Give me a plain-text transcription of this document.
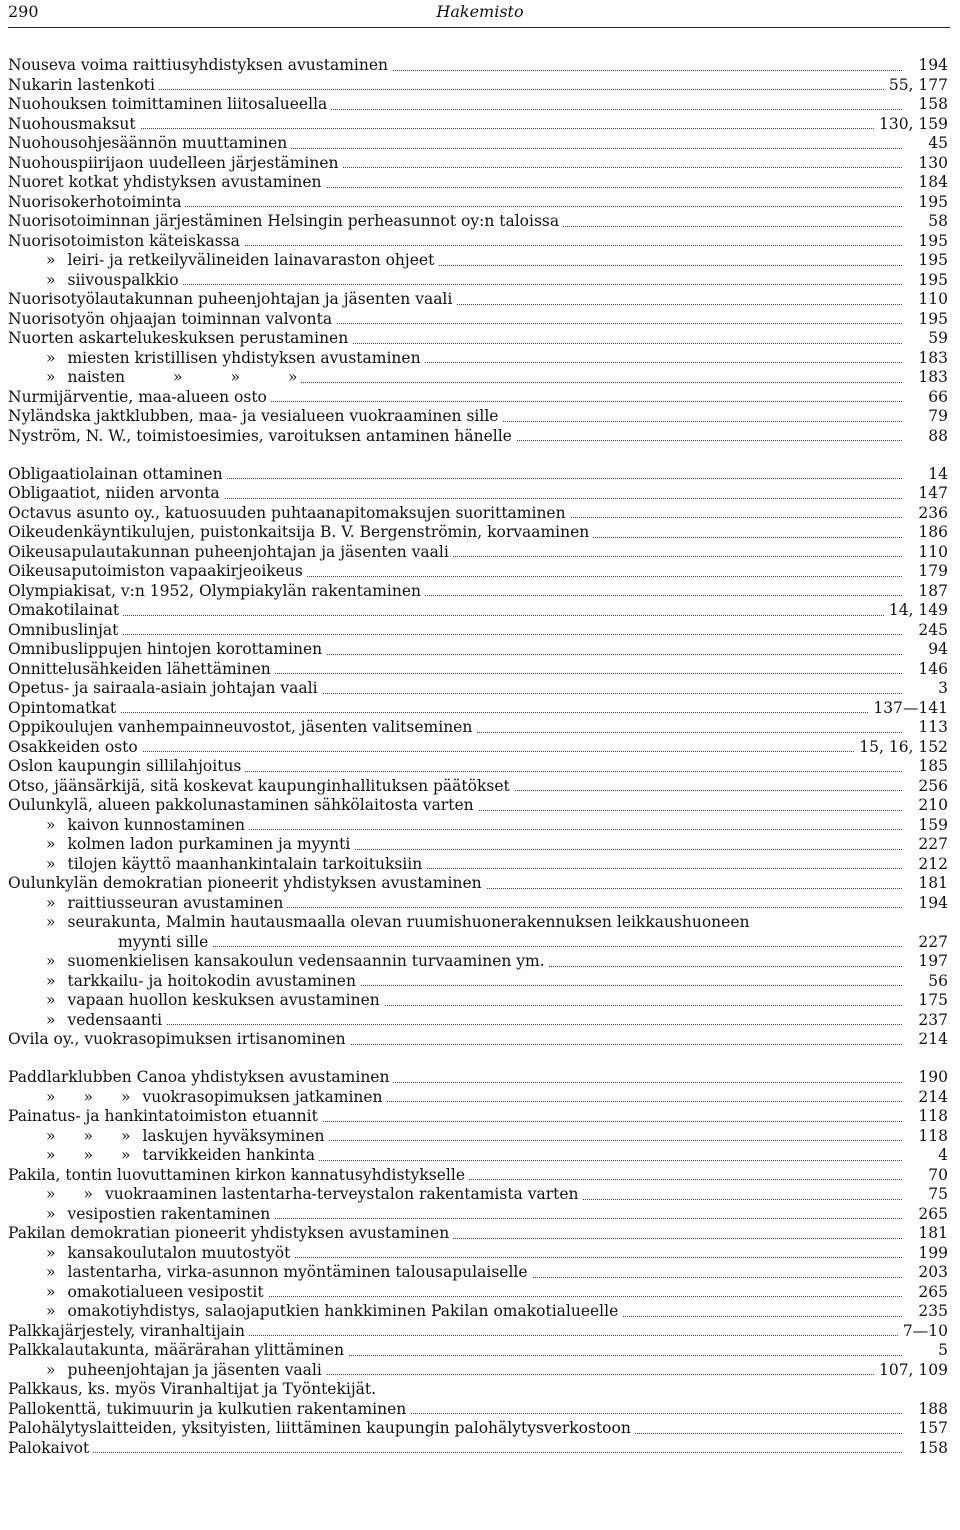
290	Hakemisto
Nouseva voima raittiusyhdistyksen avustaminen	194
Nukarin lastenkoti	55, 177
Nuohouksen toimittaminen liitosalueella	158
Nuohousmaksut	130, 159
Nuohousohjesäännön muuttaminen	45
Nuohouspiirijaon uudelleen järjestäminen	130
Nuoret kotkat yhdistyksen avustaminen	184
Nuorisokerhotoiminta	195
Nuorisotoiminnan järjestäminen Helsingin perheasunnot oy:n taloissa	58
Nuorisotoimiston käteiskassa	195
» leiri- ja retkeilyvälineiden lainavaraston ohjeet	195
» siivouspalkkio	195
Nuorisotyölautakunnan puheenjohtajan ja jäsenten vaali	110
Nuorisotyön ohjaajan toiminnan valvonta	195
Nuorten askartelukeskuksen perustaminen	59
» miesten kristillisen yhdistyksen avustaminen	183
» naisten	»	»	»	183
Nurmijärventie, maa-alueen osto	66
Nyländska jaktklubben, maa- ja vesialueen vuokraaminen sille	79
Nyström, N. W., toimistoesimies, varoituksen antaminen hänelle	88
Obligaatiolainan ottaminen	14
Obligaatiot, niiden arvonta	147
Octavus asunto oy., katuosuuden puhtaanapitomaksujen suorittaminen	236
Oikeudenkäyntikulujen, puistonkaitsija B. V. Bergenströmin, korvaaminen	186
Oikeusapulautakunnan puheenjohtajan ja jäsenten vaali	110
Oikeusaputoimiston vapaakirjeoikeus	179
Olympiakisat, v:n 1952, Olympiakylän rakentaminen	187
Omakotilainat	14, 149
Omnibuslinjat	245
Omnibuslippujen hintojen korottaminen	94
Onnittelusähkeiden lähettäminen	146
Opetus- ja sairaala-asiain johtajan vaali	3
Opintomatkat	137—141
Oppikoulujen vanhempainneuvostot, jäsenten valitseminen	113
Osakkeiden osto	15, 16, 152
Oslon kaupungin sillilahjoitus	185
Otso, jäänsärkijä, sitä koskevat kaupunginhallituksen päätökset	256
Oulunkylä, alueen pakkolunastaminen sähkölaitosta varten	210
» kaivon kunnostaminen	159
» kolmen ladon purkaminen ja myynti	227
» tilojen käyttö maanhankintalain tarkoituksiin	212
Oulunkylän demokratian pioneerit yhdistyksen avustaminen	181
» raittiusseuran avustaminen	194
» seurakunta, Malmin hautausmaalla olevan ruumishuonerakennuksen leikkaushuoneen
myynti sille	227
» suomenkielisen kansakoulun vedensaannin turvaaminen ym.	197
» tarkkailu- ja hoitokodin avustaminen	56
» vapaan huollon keskuksen avustaminen	175
» vedensaanti	237
Ovila oy., vuokrasopimuksen irtisanominen	214
Paddlarklubben Canoa yhdistyksen avustaminen	190
» » » vuokrasopimuksen jatkaminen	214
Painatus- ja hankintatoimiston etuannit	118
» » » laskujen hyväksyminen	118
» » » tarvikkeiden hankinta	4
Pakila, tontin luovuttaminen kirkon kannatusyhdistykselle	70
» » vuokraaminen lastentarha-terveystalon rakentamista varten	75
» vesipostien rakentaminen	265
Pakilan demokratian pioneerit yhdistyksen avustaminen	181
» kansakoulutalon muutostyöt	199
» lastentarha, virka-asunnon myöntäminen talousapulaiselle	203
» omakotialueen vesipostit	265
» omakotiyhdistys, salaojaputkien hankkiminen Pakilan omakotialueelle	235
Palkkajärjestely, viranhaltijain	7—10
Palkkalautakunta, määrärahan ylittäminen	5
» puheenjohtajan ja jäsenten vaali	107, 109
Palkkaus, ks. myös Viranhaltijat ja Työntekijät.
Pallokenttä, tukimuurin ja kulkutien rakentaminen	188
Palohälytyslaitteiden, yksityisten, liittäminen kaupungin palohälytysverkostoon	157
Palokaivot	158
